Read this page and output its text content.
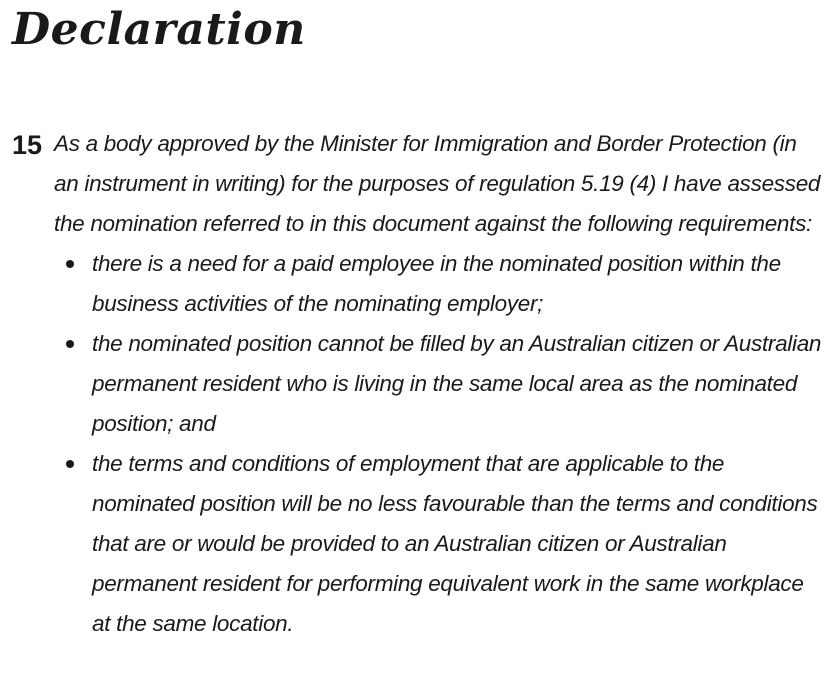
Declaration
15 As a body approved by the Minister for Immigration and Border Protection (in an instrument in writing) for the purposes of regulation 5.19 (4) I have assessed the nomination referred to in this document against the following requirements:

there is a need for a paid employee in the nominated position within the business activities of the nominating employer;
the nominated position cannot be filled by an Australian citizen or Australian permanent resident who is living in the same local area as the nominated position; and
the terms and conditions of employment that are applicable to the nominated position will be no less favourable than the terms and conditions that are or would be provided to an Australian citizen or Australian permanent resident for performing equivalent work in the same workplace at the same location.
